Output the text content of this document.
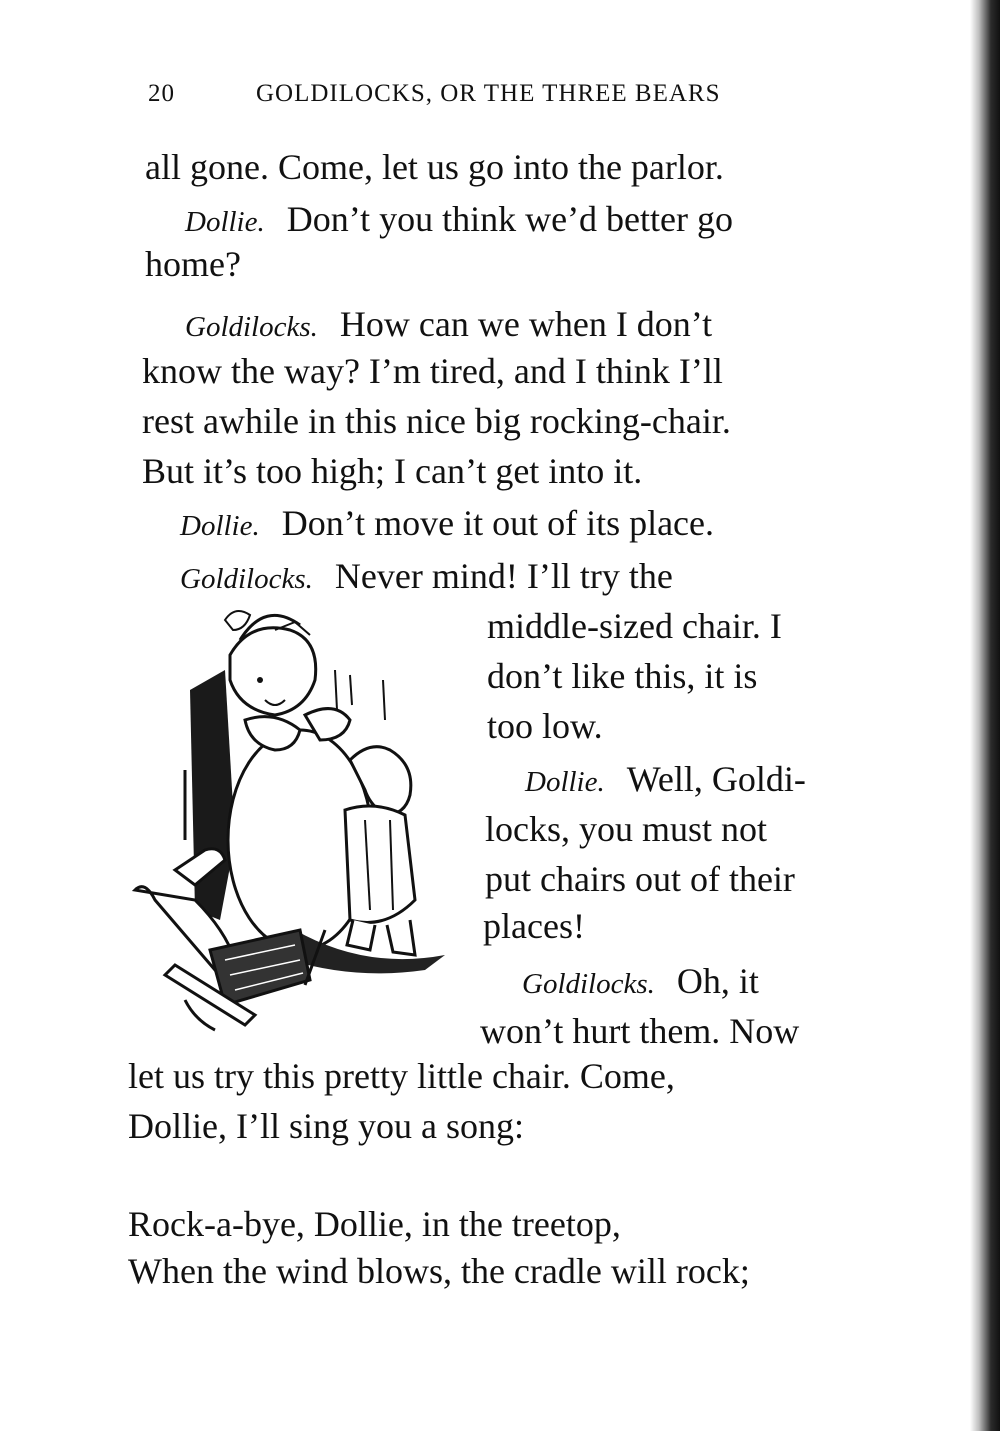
20	GOLDILOCKS, OR THE THREE BEARS
all gone. Come, let us go into the parlor.
Dollie. Don’t you think we’d better go
home?
Goldilocks. How can we when I don’t
know the way? I’m tired, and I think I’ll
rest awhile in this nice big rocking-chair.
But it’s too high; I can’t get into it.
Dollie. Don’t move it out of its place.
Goldilocks. Never mind! I’ll try the
middle-sized chair. I
don’t like this, it is
too low.
Dollie. Well, Goldi-
locks, you must not
put chairs out of their
places!
Goldilocks. Oh, it
won’t hurt them. Now
let us try this pretty little chair. Come,
Dollie, I’ll sing you a song:
Rock-a-bye, Dollie, in the treetop,
When the wind blows, the cradle will rock;
